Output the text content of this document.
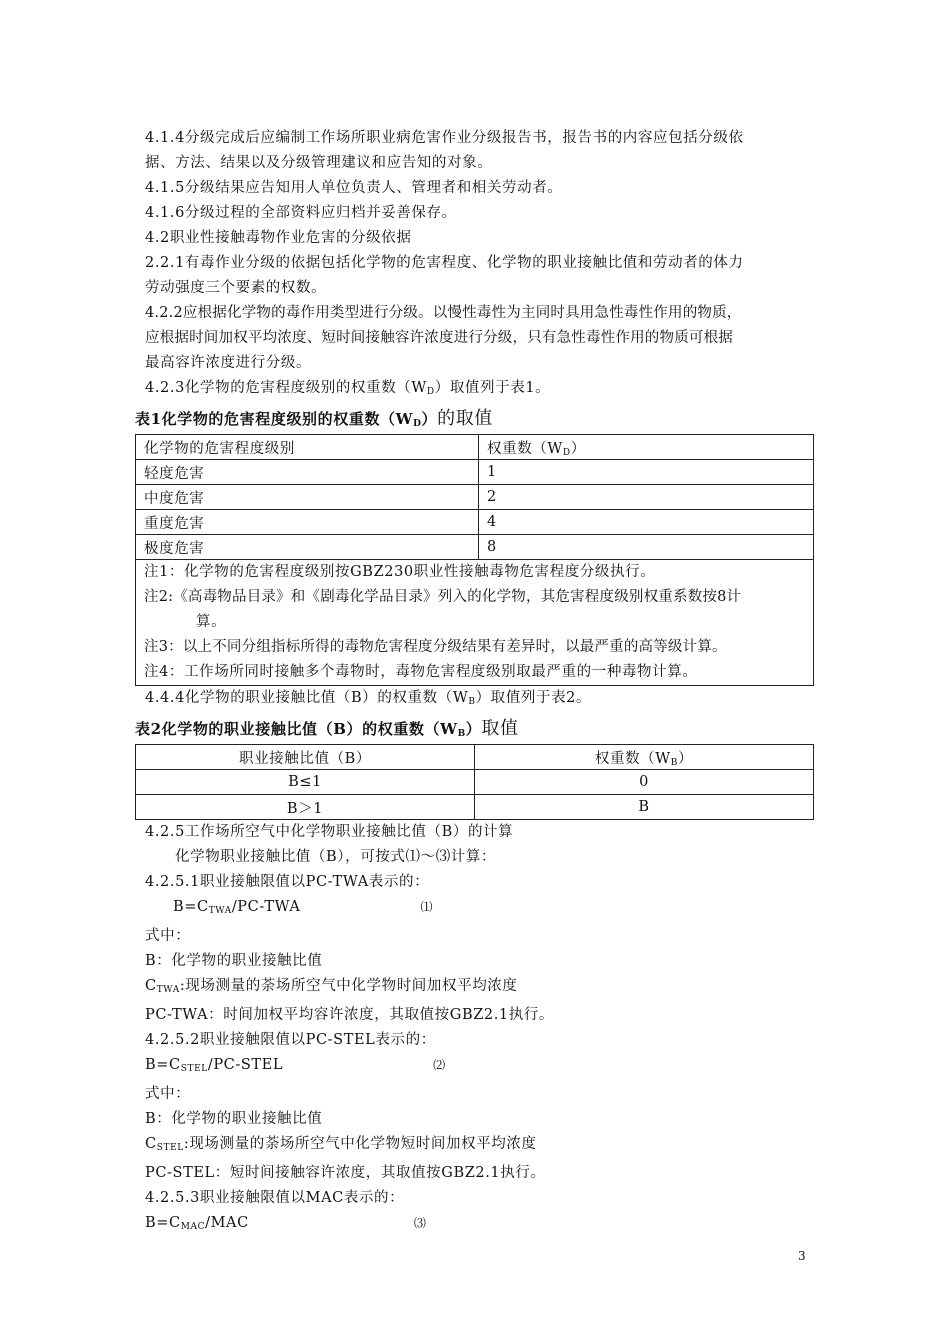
4.1.4分级完成后应编制工作场所职业病危害作业分级报告书，报告书的内容应包括分级依

据、方法、结果以及分级管理建议和应告知的对象。

4.1.5分级结果应告知用人单位负责人、管理者和相关劳动者。

4.1.6分级过程的全部资料应归档并妥善保存。

4.2职业性接触毒物作业危害的分级依据

2.2.1有毒作业分级的依据包括化学物的危害程度、化学物的职业接触比值和劳动者的体力

劳动强度三个要素的权数。

4.2.2应根据化学物的毒作用类型进行分级。以慢性毒性为主同时具用急性毒性作用的物质，

应根据时间加权平均浓度、短时间接触容许浓度进行分级，只有急性毒性作用的物质可根据

最高容许浓度进行分级。

4.2.3化学物的危害程度级别的权重数$(W_D)$取值列于表1。

表1化学物的危害程度级别的权重数$(W_D)$的取值
化学物的危害程度级别	权重数$(W_D)$
轻度危害	1
中度危害	2
重度危害	4
极度危害	8

注1：化学物的危害程度级别按GBZ230职业性接触毒物危害程度分级执行。
注2:《高毒物品目录》和《剧毒化学品目录》列入的化学物，其危害程度级别权重系数按8计
算。
注3：以上不同分组指标所得的毒物危害程度分级结果有差异时，以最严重的高等级计算。
注4：工作场所同时接触多个毒物时，毒物危害程度级别取最严重的一种毒物计算。	

4.4.4化学物的职业接触比值（B）的权重数$(W_B)$取值列于表2。

表2化学物的职业接触比值（B）的权重数$(W_B)$取值
职业接触比值（B）	权重数$(W_B)$
B≤1	0
B＞1	B

4.2.5工作场所空气中化学物职业接触比值（B）的计算

化学物职业接触比值（B），可按式⑴～⑶计算：

4.2.5.1职业接触限值以PC-TWA表示的：

$B=C_{TWA}/PC$-TWA	⑴

式中：

B：化学物的职业接触比值

$C_{TWA}$:现场测量的荼场所空气中化学物时间加权平均浓度

PC-TWA：时间加权平均容许浓度，其取值按GBZ2.1执行。

4.2.5.2职业接触限值以PC-STEL表示的：

$B=C_{STEL}/PC$-STEL	⑵

式中：

B：化学物的职业接触比值

$C_{STEL}$:现场测量的荼场所空气中化学物短时间加权平均浓度

PC-STEL：短时间接触容许浓度，其取值按GBZ2.1执行。

4.2.5.3职业接触限值以MAC表示的：

$B=C_{MAC}$/MAC	⑶

3
